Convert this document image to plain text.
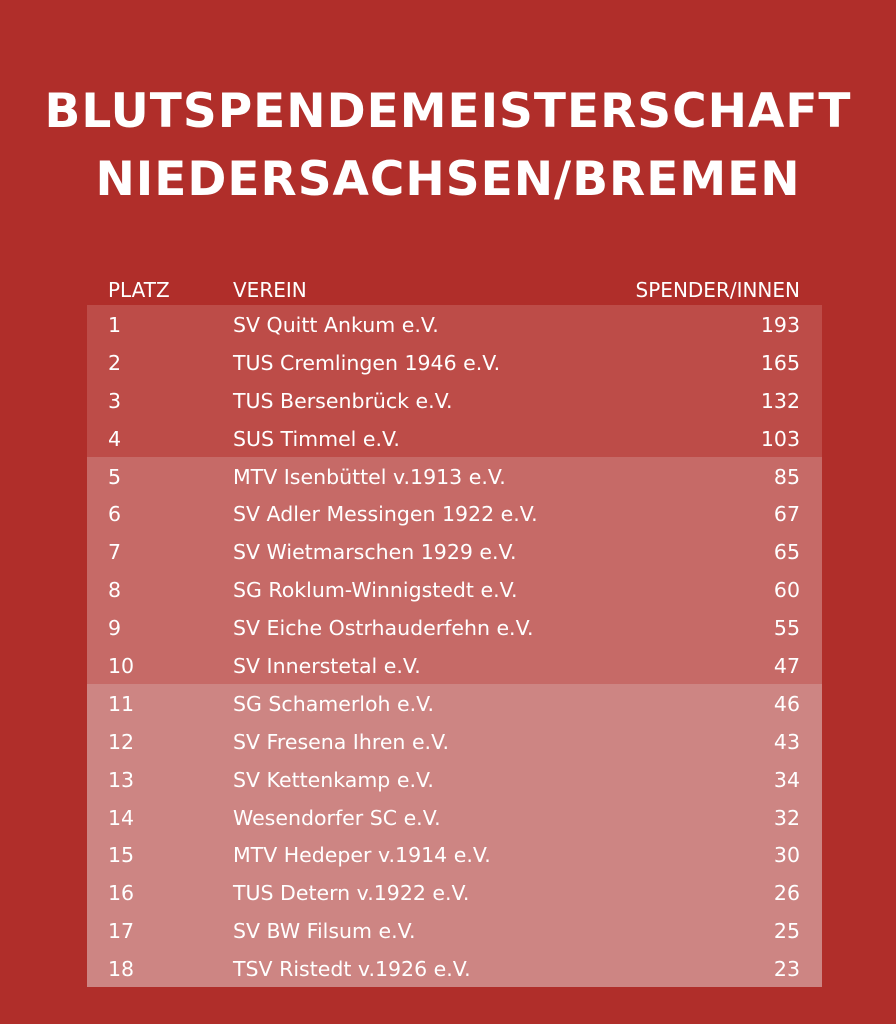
BLUTSPENDEMEISTERSCHAFT
NIEDERSACHSEN/BREMEN
PLATZ	VEREIN	SPENDER/INNEN
1	SV Quitt Ankum e.V.	193
2	TUS Cremlingen 1946 e.V.	165
3	TUS Bersenbrück e.V.	132
4	SUS Timmel e.V.	103
5	MTV Isenbüttel v.1913 e.V.	85
6	SV Adler Messingen 1922 e.V.	67
7	SV Wietmarschen 1929 e.V.	65
8	SG Roklum-Winnigstedt e.V.	60
9	SV Eiche Ostrhauderfehn e.V.	55
10	SV Innerstetal e.V.	47
11	SG Schamerloh e.V.	46
12	SV Fresena Ihren e.V.	43
13	SV Kettenkamp e.V.	34
14	Wesendorfer SC e.V.	32
15	MTV Hedeper v.1914 e.V.	30
16	TUS Detern v.1922 e.V.	26
17	SV BW Filsum e.V.	25
18	TSV Ristedt v.1926 e.V.	23
